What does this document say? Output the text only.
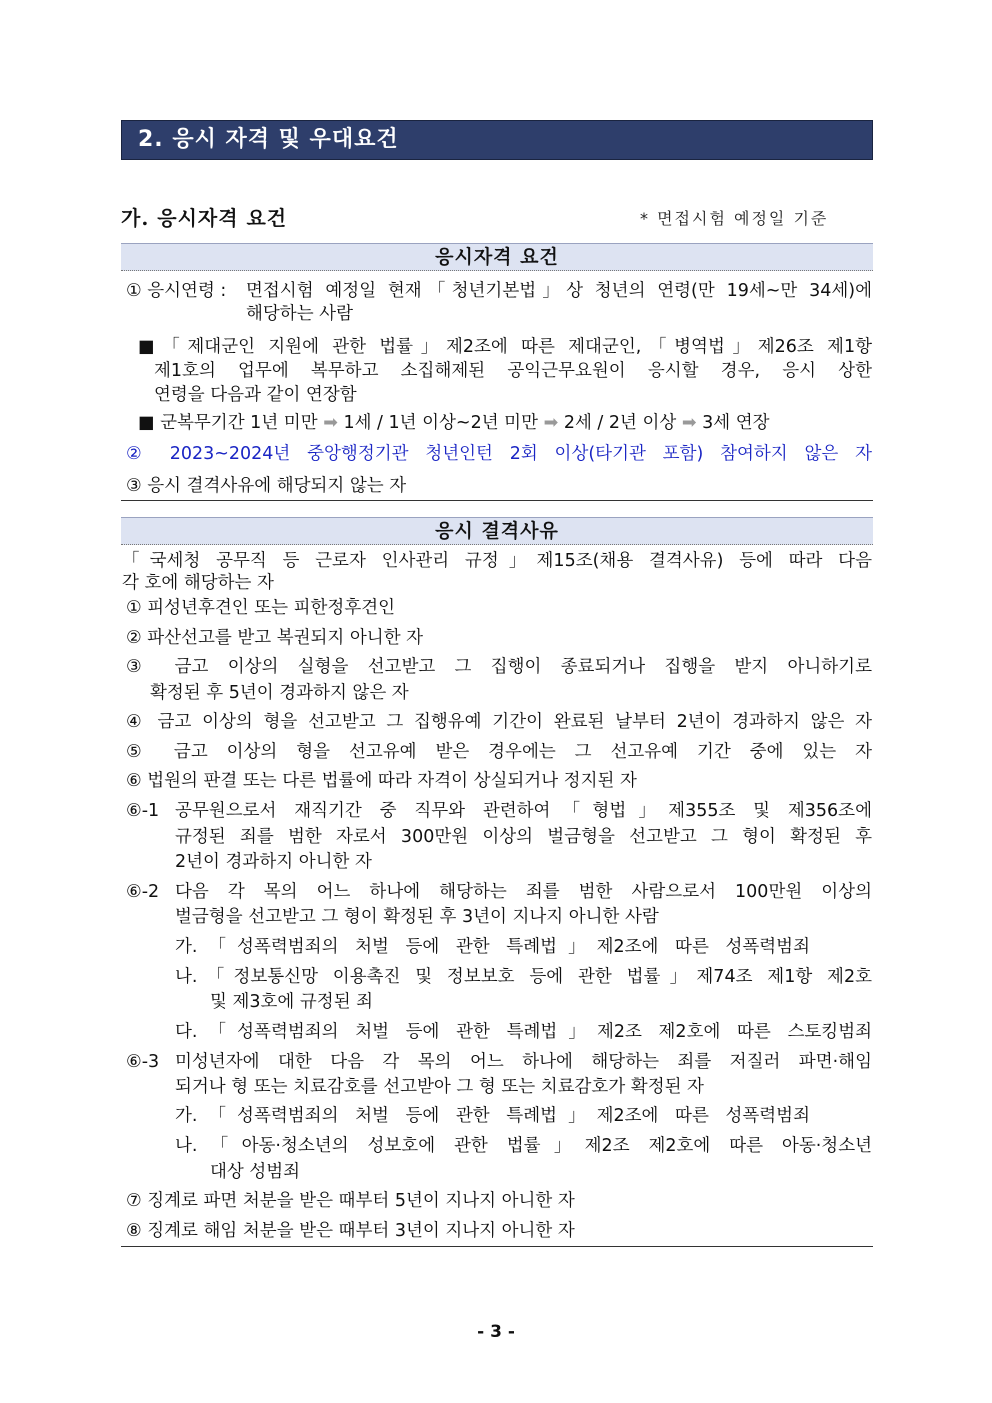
2. 응시 자격 및 우대요건
가. 응시자격 요건	* 면접시험 예정일 기준
응시자격 요건
① 응시연령 : 면접시험 예정일 현재「청년기본법」상 청년의 연령(만 19세~만 34세)에
해당하는 사람
■「제대군인 지원에 관한 법률」제2조에 따른 제대군인,「병역법」제26조 제1항
제1호의 업무에 복무하고 소집해제된 공익근무요원이 응시할 경우, 응시 상한
연령을 다음과 같이 연장함
■ 군복무기간 1년 미만 ➡ 1세 / 1년 이상~2년 미만 ➡ 2세 / 2년 이상 ➡ 3세 연장
② 2023~2024년 중앙행정기관 청년인턴 2회 이상(타기관 포함) 참여하지 않은 자
③ 응시 결격사유에 해당되지 않는 자
응시 결격사유
「국세청 공무직 등 근로자 인사관리 규정」제15조(채용 결격사유) 등에 따라 다음
각 호에 해당하는 자
① 피성년후견인 또는 피한정후견인
② 파산선고를 받고 복권되지 아니한 자
③ 금고 이상의 실형을 선고받고 그 집행이 종료되거나 집행을 받지 아니하기로
확정된 후 5년이 경과하지 않은 자
④ 금고 이상의 형을 선고받고 그 집행유예 기간이 완료된 날부터 2년이 경과하지 않은 자
⑤ 금고 이상의 형을 선고유예 받은 경우에는 그 선고유예 기간 중에 있는 자
⑥ 법원의 판결 또는 다른 법률에 따라 자격이 상실되거나 정지된 자
⑥-1 공무원으로서 재직기간 중 직무와 관련하여「형법」제355조 및 제356조에
규정된 죄를 범한 자로서 300만원 이상의 벌금형을 선고받고 그 형이 확정된 후
2년이 경과하지 아니한 자
⑥-2 다음 각 목의 어느 하나에 해당하는 죄를 범한 사람으로서 100만원 이상의
벌금형을 선고받고 그 형이 확정된 후 3년이 지나지 아니한 사람
가.「성폭력범죄의 처벌 등에 관한 특례법」제2조에 따른 성폭력범죄
나.「정보통신망 이용촉진 및 정보보호 등에 관한 법률」제74조 제1항 제2호
및 제3호에 규정된 죄
다.「성폭력범죄의 처벌 등에 관한 특례법」제2조 제2호에 따른 스토킹범죄
⑥-3 미성년자에 대한 다음 각 목의 어느 하나에 해당하는 죄를 저질러 파면·해임
되거나 형 또는 치료감호를 선고받아 그 형 또는 치료감호가 확정된 자
가.「성폭력범죄의 처벌 등에 관한 특례법」제2조에 따른 성폭력범죄
나.「아동·청소년의 성보호에 관한 법률」제2조 제2호에 따른 아동·청소년
대상 성범죄
⑦ 징계로 파면 처분을 받은 때부터 5년이 지나지 아니한 자
⑧ 징계로 해임 처분을 받은 때부터 3년이 지나지 아니한 자
- 3 -
